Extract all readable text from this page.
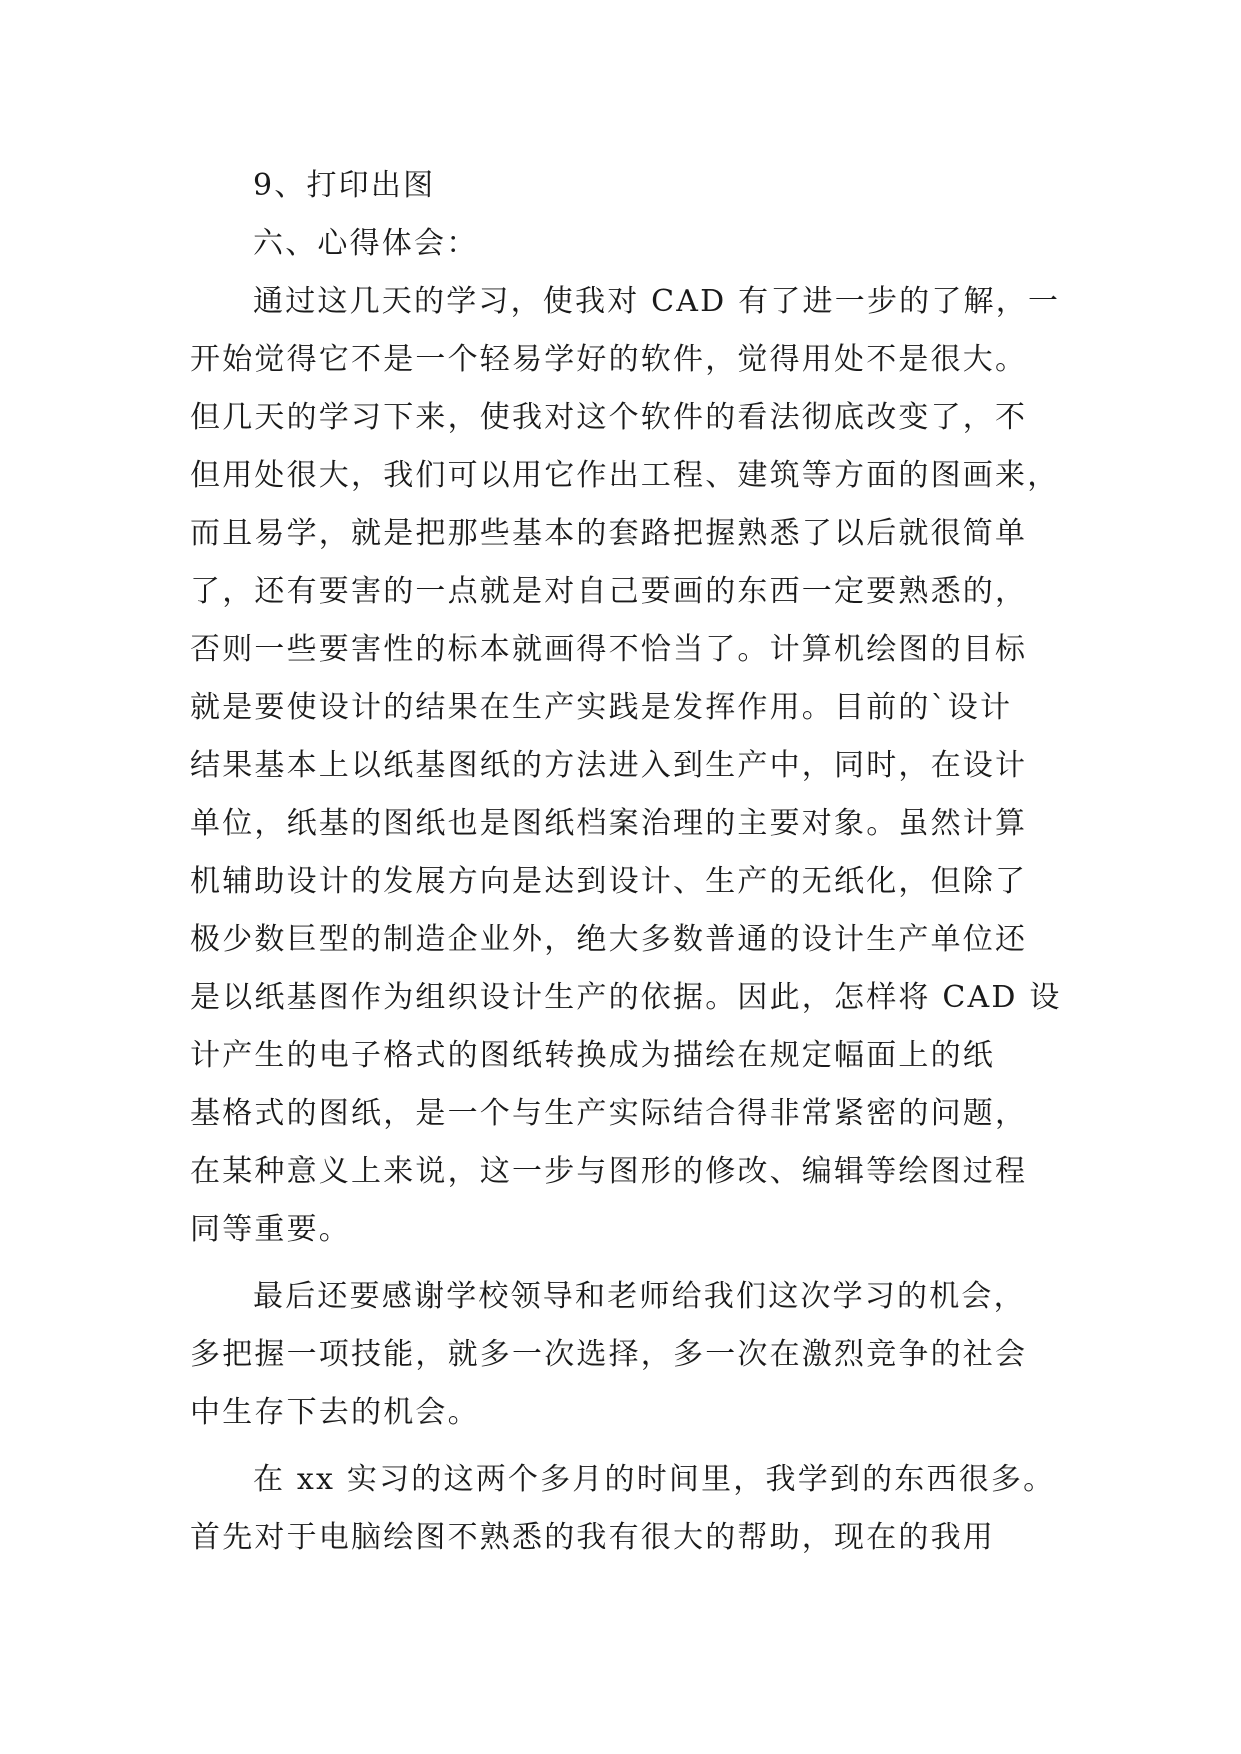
9、打印出图
六、心得体会：
通过这几天的学习，使我对 CAD 有了进一步的了解，一
开始觉得它不是一个轻易学好的软件，觉得用处不是很大。
但几天的学习下来，使我对这个软件的看法彻底改变了，不
但用处很大，我们可以用它作出工程、建筑等方面的图画来，
而且易学，就是把那些基本的套路把握熟悉了以后就很简单
了，还有要害的一点就是对自己要画的东西一定要熟悉的，
否则一些要害性的标本就画得不恰当了。计算机绘图的目标
就是要使设计的结果在生产实践是发挥作用。目前的`设计
结果基本上以纸基图纸的方法进入到生产中，同时，在设计
单位，纸基的图纸也是图纸档案治理的主要对象。虽然计算
机辅助设计的发展方向是达到设计、生产的无纸化，但除了
极少数巨型的制造企业外，绝大多数普通的设计生产单位还
是以纸基图作为组织设计生产的依据。因此，怎样将 CAD 设
计产生的电子格式的图纸转换成为描绘在规定幅面上的纸
基格式的图纸，是一个与生产实际结合得非常紧密的问题，
在某种意义上来说，这一步与图形的修改、编辑等绘图过程
同等重要。
最后还要感谢学校领导和老师给我们这次学习的机会，
多把握一项技能，就多一次选择，多一次在激烈竞争的社会
中生存下去的机会。
在 xx 实习的这两个多月的时间里，我学到的东西很多。
首先对于电脑绘图不熟悉的我有很大的帮助，现在的我用
